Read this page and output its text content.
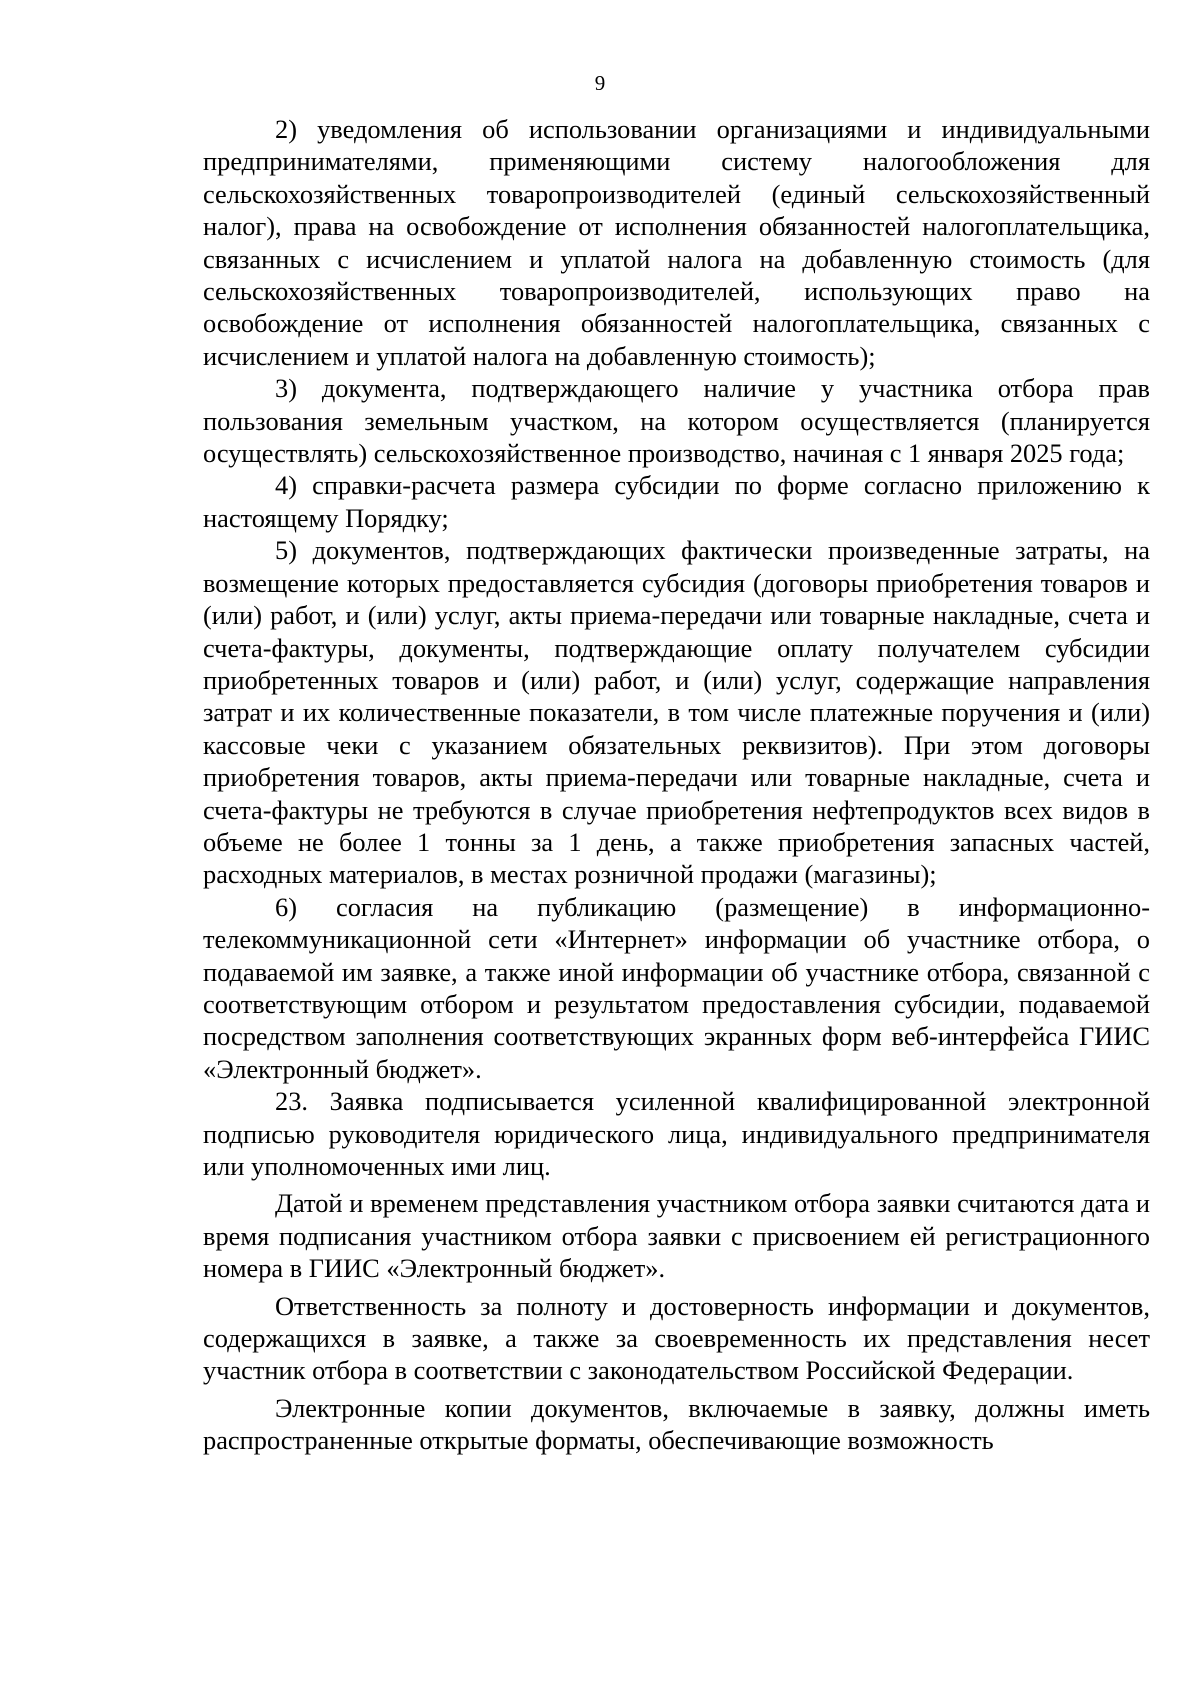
9

2) уведомления об использовании организациями и индивидуальными предпринимателями, применяющими систему налогообложения для сельскохозяйственных товаропроизводителей (единый сельскохозяйственный налог), права на освобождение от исполнения обязанностей налогоплательщика, связанных с исчислением и уплатой налога на добавленную стоимость (для сельскохозяйственных товаропроизводителей, использующих право на освобождение от исполнения обязанностей налогоплательщика, связанных с исчислением и уплатой налога на добавленную стоимость);

3) документа, подтверждающего наличие у участника отбора прав пользования земельным участком, на котором осуществляется (планируется осуществлять) сельскохозяйственное производство, начиная с 1 января 2025 года;

4) справки-расчета размера субсидии по форме согласно приложению к настоящему Порядку;

5) документов, подтверждающих фактически произведенные затраты, на возмещение которых предоставляется субсидия (договоры приобретения товаров и (или) работ, и (или) услуг, акты приема-передачи или товарные накладные, счета и счета-фактуры, документы, подтверждающие оплату получателем субсидии приобретенных товаров и (или) работ, и (или) услуг, содержащие направления затрат и их количественные показатели, в том числе платежные поручения и (или) кассовые чеки с указанием обязательных реквизитов). При этом договоры приобретения товаров, акты приема-передачи или товарные накладные, счета и счета-фактуры не требуются в случае приобретения нефтепродуктов всех видов в объеме не более 1 тонны за 1 день, а также приобретения запасных частей, расходных материалов, в местах розничной продажи (магазины);

6) согласия на публикацию (размещение) в информационно-телекоммуникационной сети «Интернет» информации об участнике отбора, о подаваемой им заявке, а также иной информации об участнике отбора, связанной с соответствующим отбором и результатом предоставления субсидии, подаваемой посредством заполнения соответствующих экранных форм веб-интерфейса ГИИС «Электронный бюджет».

23. Заявка подписывается усиленной квалифицированной электронной подписью руководителя юридического лица, индивидуального предпринимателя или уполномоченных ими лиц.

Датой и временем представления участником отбора заявки считаются дата и время подписания участником отбора заявки с присвоением ей регистрационного номера в ГИИС «Электронный бюджет».

Ответственность за полноту и достоверность информации и документов, содержащихся в заявке, а также за своевременность их представления несет участник отбора в соответствии с законодательством Российской Федерации.

Электронные копии документов, включаемые в заявку, должны иметь распространенные открытые форматы, обеспечивающие возможность
